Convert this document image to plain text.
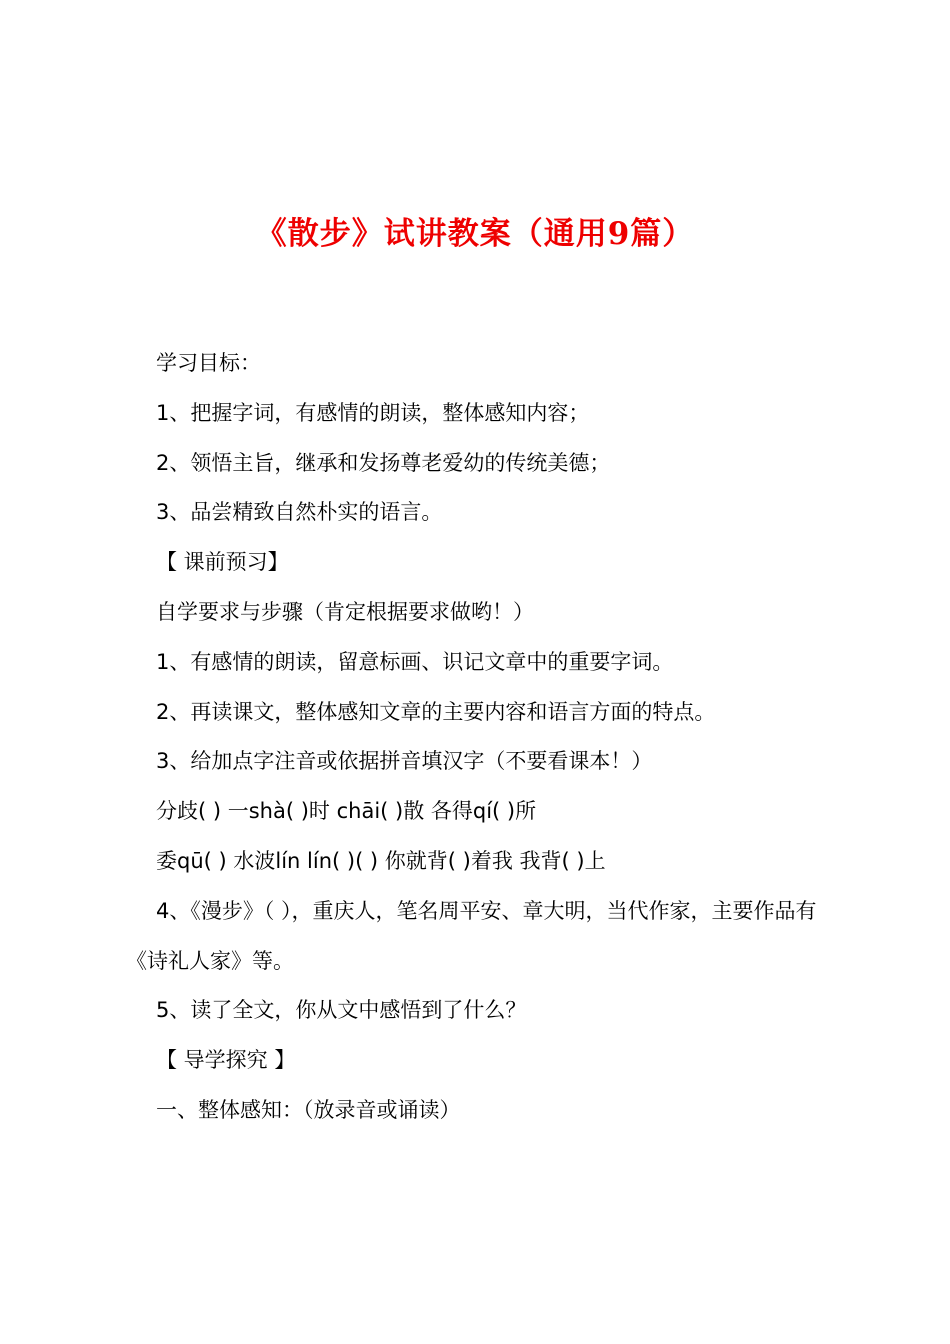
《散步》试讲教案（通用9篇）

学习目标：

1、把握字词，有感情的朗读，整体感知内容；

2、领悟主旨，继承和发扬尊老爱幼的传统美德；

3、品尝精致自然朴实的语言。

【 课前预习】

自学要求与步骤（肯定根据要求做哟！）

1、有感情的朗读，留意标画、识记文章中的重要字词。

2、再读课文，整体感知文章的主要内容和语言方面的特点。

3、给加点字注音或依据拼音填汉字（不要看课本！）

分歧( ) 一shà( )时 chāi( )散 各得qí( )所

委qū( ) 水波lín lín( )( ) 你就背( )着我 我背( )上

4、《漫步》（ ），重庆人，笔名周平安、章大明，当代作家，主要作品有《诗礼人家》等。

5、读了全文，你从文中感悟到了什么？

【 导学探究 】

一、整体感知：（放录音或诵读）
